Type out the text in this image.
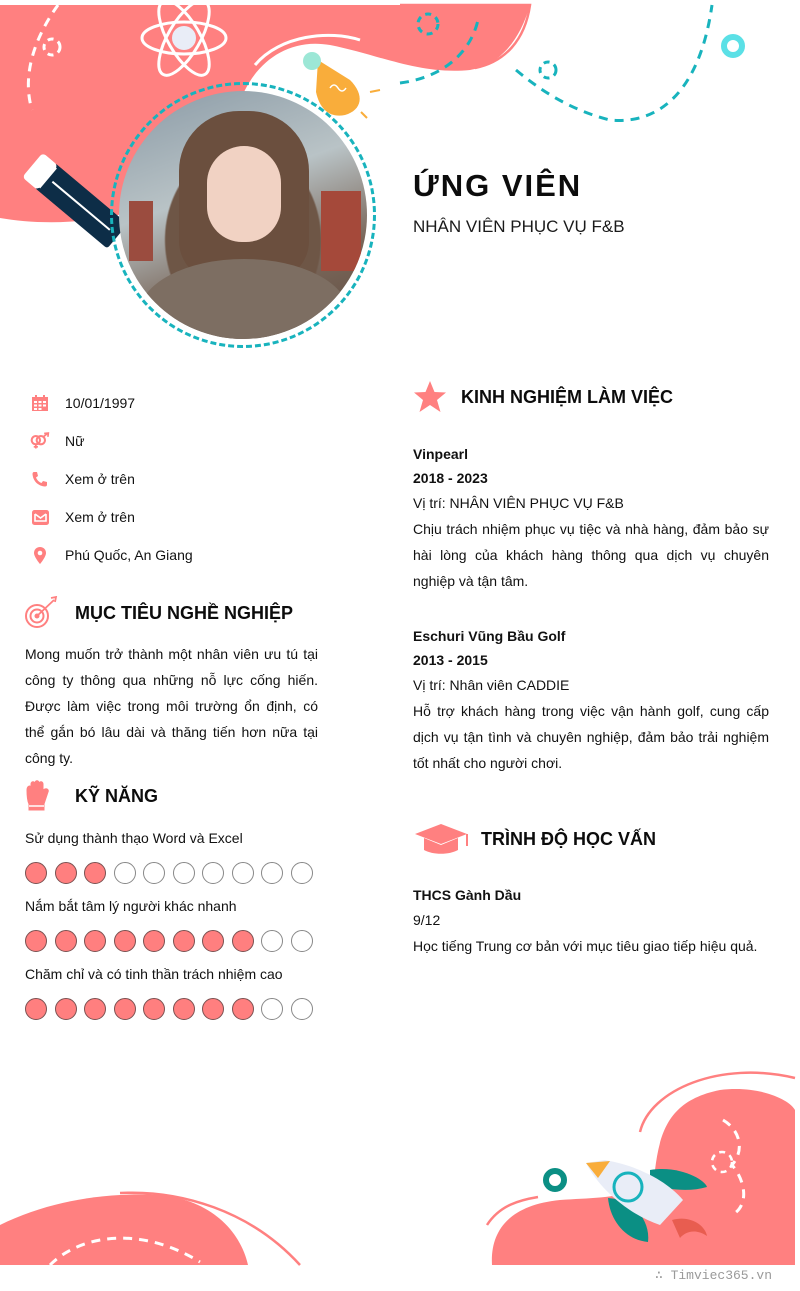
ỨNG VIÊN
NHÂN VIÊN PHỤC VỤ F&B
10/01/1997
Nữ
Xem ở trên
Xem ở trên
Phú Quốc, An Giang
MỤC TIÊU NGHỀ NGHIỆP
Mong muốn trở thành một nhân viên ưu tú tại công ty thông qua những nỗ lực cống hiến. Được làm việc trong môi trường ổn định, có thể gắn bó lâu dài và thăng tiến hơn nữa tại công ty.
KỸ NĂNG
Sử dụng thành thạo Word và Excel
Nắm bắt tâm lý người khác nhanh
Chăm chỉ và có tinh thần trách nhiệm cao
KINH NGHIỆM LÀM VIỆC
Vinpearl
2018 - 2023
Vị trí: NHÂN VIÊN PHỤC VỤ F&B
Chịu trách nhiệm phục vụ tiệc và nhà hàng, đảm bảo sự hài lòng của khách hàng thông qua dịch vụ chuyên nghiệp và tận tâm.
Eschuri Vũng Bầu Golf
2013 - 2015
Vị trí: Nhân viên CADDIE
Hỗ trợ khách hàng trong việc vận hành golf, cung cấp dịch vụ tận tình và chuyên nghiệp, đảm bảo trải nghiệm tốt nhất cho người chơi.
TRÌNH ĐỘ HỌC VẤN
THCS Gành Dầu
9/12
Học tiếng Trung cơ bản với mục tiêu giao tiếp hiệu quả.
∴ Timviec365.vn
